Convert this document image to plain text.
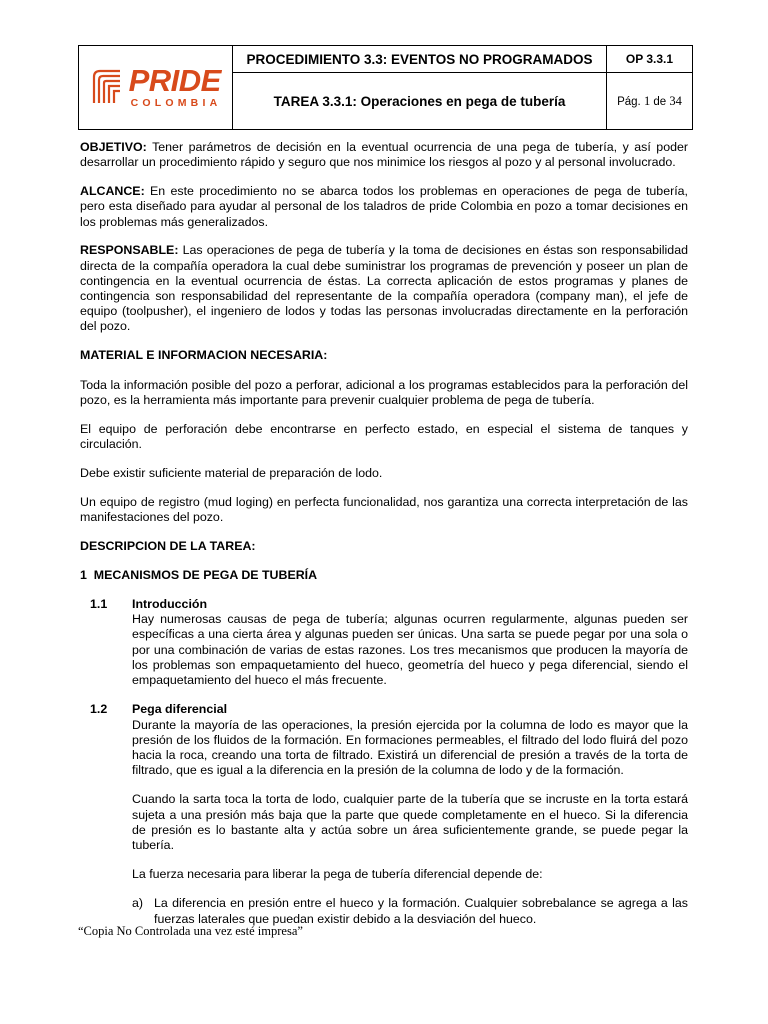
PRIDE
COLOMBIA	PROCEDIMIENTO 3.3: EVENTOS NO PROGRAMADOS	OP 3.3.1
	TAREA 3.3.1: Operaciones en pega de tubería	Pág. 1 de 34

OBJETIVO: Tener parámetros de decisión en la eventual ocurrencia de una pega de tubería, y así poder desarrollar un procedimiento rápido y seguro que nos minimice los riesgos al pozo y al personal involucrado.

ALCANCE: En este procedimiento no se abarca todos los problemas en operaciones de pega de tubería, pero esta diseñado para ayudar al personal de los taladros de pride Colombia en pozo a tomar decisiones en los problemas más generalizados.

RESPONSABLE: Las operaciones de pega de tubería y la toma de decisiones en éstas son responsabilidad directa de la compañía operadora la cual debe suministrar los programas de prevención y poseer un plan de contingencia en la eventual ocurrencia de éstas. La correcta aplicación de estos programas y planes de contingencia son responsabilidad del representante de la compañía operadora (company man), el jefe de equipo (toolpusher), el ingeniero de lodos y todas las personas involucradas directamente en la perforación del pozo.

MATERIAL E INFORMACION NECESARIA:

Toda la información posible del pozo a perforar, adicional a los programas establecidos para la perforación del pozo, es la herramienta más importante para prevenir cualquier problema de pega de tubería.

El equipo de perforación debe encontrarse en perfecto estado, en especial el sistema de tanques y circulación.

Debe existir suficiente material de preparación de lodo.

Un equipo de registro (mud loging) en perfecta funcionalidad, nos garantiza una correcta interpretación de las manifestaciones del pozo.

DESCRIPCION DE LA TAREA:
1  MECANISMOS DE PEGA DE TUBERÍA
1.1	Introducción

Hay numerosas causas de pega de tubería; algunas ocurren regularmente, algunas pueden ser específicas a una cierta área y algunas pueden ser únicas. Una sarta se puede pegar por una sola o por una combinación de varias de estas razones. Los tres mecanismos que producen la mayoría de los problemas son empaquetamiento del hueco, geometría del hueco y pega diferencial, siendo el empaquetamiento del hueco el más frecuente.

1.2	Pega diferencial

Durante la mayoría de las operaciones, la presión ejercida por la columna de lodo es mayor que la presión de los fluidos de la formación. En formaciones permeables, el filtrado del lodo fluirá del pozo hacia la roca, creando una torta de filtrado. Existirá un diferencial de presión a través de la torta de filtrado, que es igual a la diferencia en la presión de la columna de lodo y de la formación.

Cuando la sarta toca la torta de lodo, cualquier parte de la tubería que se incruste en la torta estará sujeta a una presión más baja que la parte que quede completamente en el hueco. Si la diferencia de presión es lo bastante alta y actúa sobre un área suficientemente grande, se puede pegar la tubería.

La fuerza necesaria para liberar la pega de tubería diferencial depende de:

a) La diferencia en presión entre el hueco y la formación. Cualquier sobrebalance se agrega a las fuerzas laterales que puedan existir debido a la desviación del hueco.
“Copia No Controlada una vez esté impresa”
